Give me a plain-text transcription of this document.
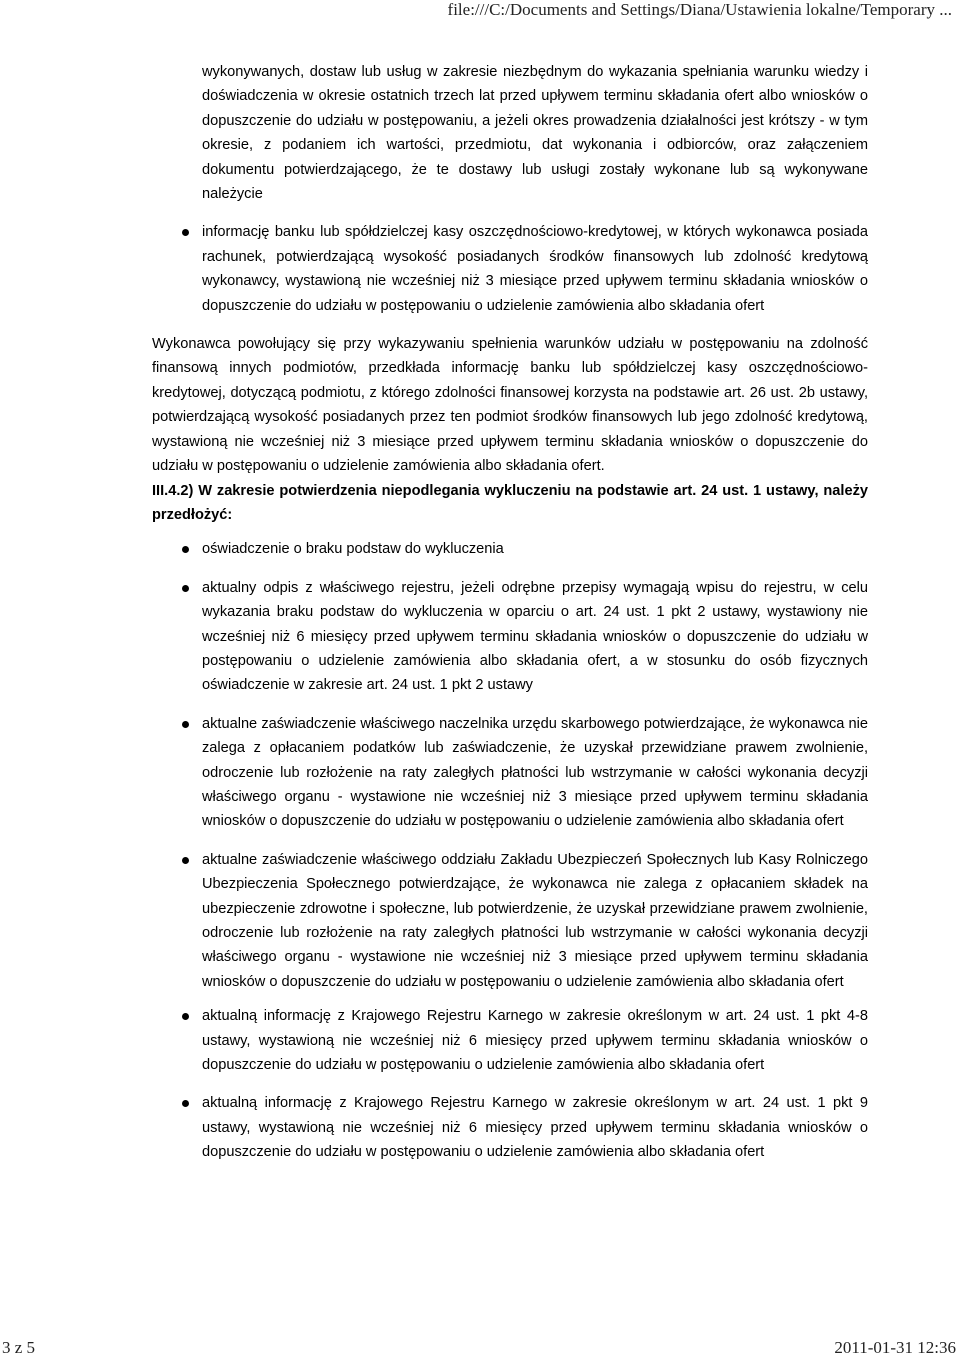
file:///C:/Documents and Settings/Diana/Ustawienia lokalne/Temporary ...
wykonywanych, dostaw lub usług w zakresie niezbędnym do wykazania spełniania warunku wiedzy i doświadczenia w okresie ostatnich trzech lat przed upływem terminu składania ofert albo wniosków o dopuszczenie do udziału w postępowaniu, a jeżeli okres prowadzenia działalności jest krótszy - w tym okresie, z podaniem ich wartości, przedmiotu, dat wykonania i odbiorców, oraz załączeniem dokumentu potwierdzającego, że te dostawy lub usługi zostały wykonane lub są wykonywane należycie
informację banku lub spółdzielczej kasy oszczędnościowo-kredytowej, w których wykonawca posiada rachunek, potwierdzającą wysokość posiadanych środków finansowych lub zdolność kredytową wykonawcy, wystawioną nie wcześniej niż 3 miesiące przed upływem terminu składania wniosków o dopuszczenie do udziału w postępowaniu o udzielenie zamówienia albo składania ofert
Wykonawca powołujący się przy wykazywaniu spełnienia warunków udziału w postępowaniu na zdolność finansową innych podmiotów, przedkłada informację banku lub spółdzielczej kasy oszczędnościowo-kredytowej, dotyczącą podmiotu, z którego zdolności finansowej korzysta na podstawie art. 26 ust. 2b ustawy, potwierdzającą wysokość posiadanych przez ten podmiot środków finansowych lub jego zdolność kredytową, wystawioną nie wcześniej niż 3 miesiące przed upływem terminu składania wniosków o dopuszczenie do udziału w postępowaniu o udzielenie zamówienia albo składania ofert.
III.4.2) W zakresie potwierdzenia niepodlegania wykluczeniu na podstawie art. 24 ust. 1 ustawy, należy przedłożyć:
oświadczenie o braku podstaw do wykluczenia
aktualny odpis z właściwego rejestru, jeżeli odrębne przepisy wymagają wpisu do rejestru, w celu wykazania braku podstaw do wykluczenia w oparciu o art. 24 ust. 1 pkt 2 ustawy, wystawiony nie wcześniej niż 6 miesięcy przed upływem terminu składania wniosków o dopuszczenie do udziału w postępowaniu o udzielenie zamówienia albo składania ofert, a w stosunku do osób fizycznych oświadczenie w zakresie art. 24 ust. 1 pkt 2 ustawy
aktualne zaświadczenie właściwego naczelnika urzędu skarbowego potwierdzające, że wykonawca nie zalega z opłacaniem podatków lub zaświadczenie, że uzyskał przewidziane prawem zwolnienie, odroczenie lub rozłożenie na raty zaległych płatności lub wstrzymanie w całości wykonania decyzji właściwego organu - wystawione nie wcześniej niż 3 miesiące przed upływem terminu składania wniosków o dopuszczenie do udziału w postępowaniu o udzielenie zamówienia albo składania ofert
aktualne zaświadczenie właściwego oddziału Zakładu Ubezpieczeń Społecznych lub Kasy Rolniczego Ubezpieczenia Społecznego potwierdzające, że wykonawca nie zalega z opłacaniem składek na ubezpieczenie zdrowotne i społeczne, lub potwierdzenie, że uzyskał przewidziane prawem zwolnienie, odroczenie lub rozłożenie na raty zaległych płatności lub wstrzymanie w całości wykonania decyzji właściwego organu - wystawione nie wcześniej niż 3 miesiące przed upływem terminu składania wniosków o dopuszczenie do udziału w postępowaniu o udzielenie zamówienia albo składania ofert
aktualną informację z Krajowego Rejestru Karnego w zakresie określonym w art. 24 ust. 1 pkt 4-8 ustawy, wystawioną nie wcześniej niż 6 miesięcy przed upływem terminu składania wniosków o dopuszczenie do udziału w postępowaniu o udzielenie zamówienia albo składania ofert
aktualną informację z Krajowego Rejestru Karnego w zakresie określonym w art. 24 ust. 1 pkt 9 ustawy, wystawioną nie wcześniej niż 6 miesięcy przed upływem terminu składania wniosków o dopuszczenie do udziału w postępowaniu o udzielenie zamówienia albo składania ofert
3 z 5	2011-01-31 12:36
